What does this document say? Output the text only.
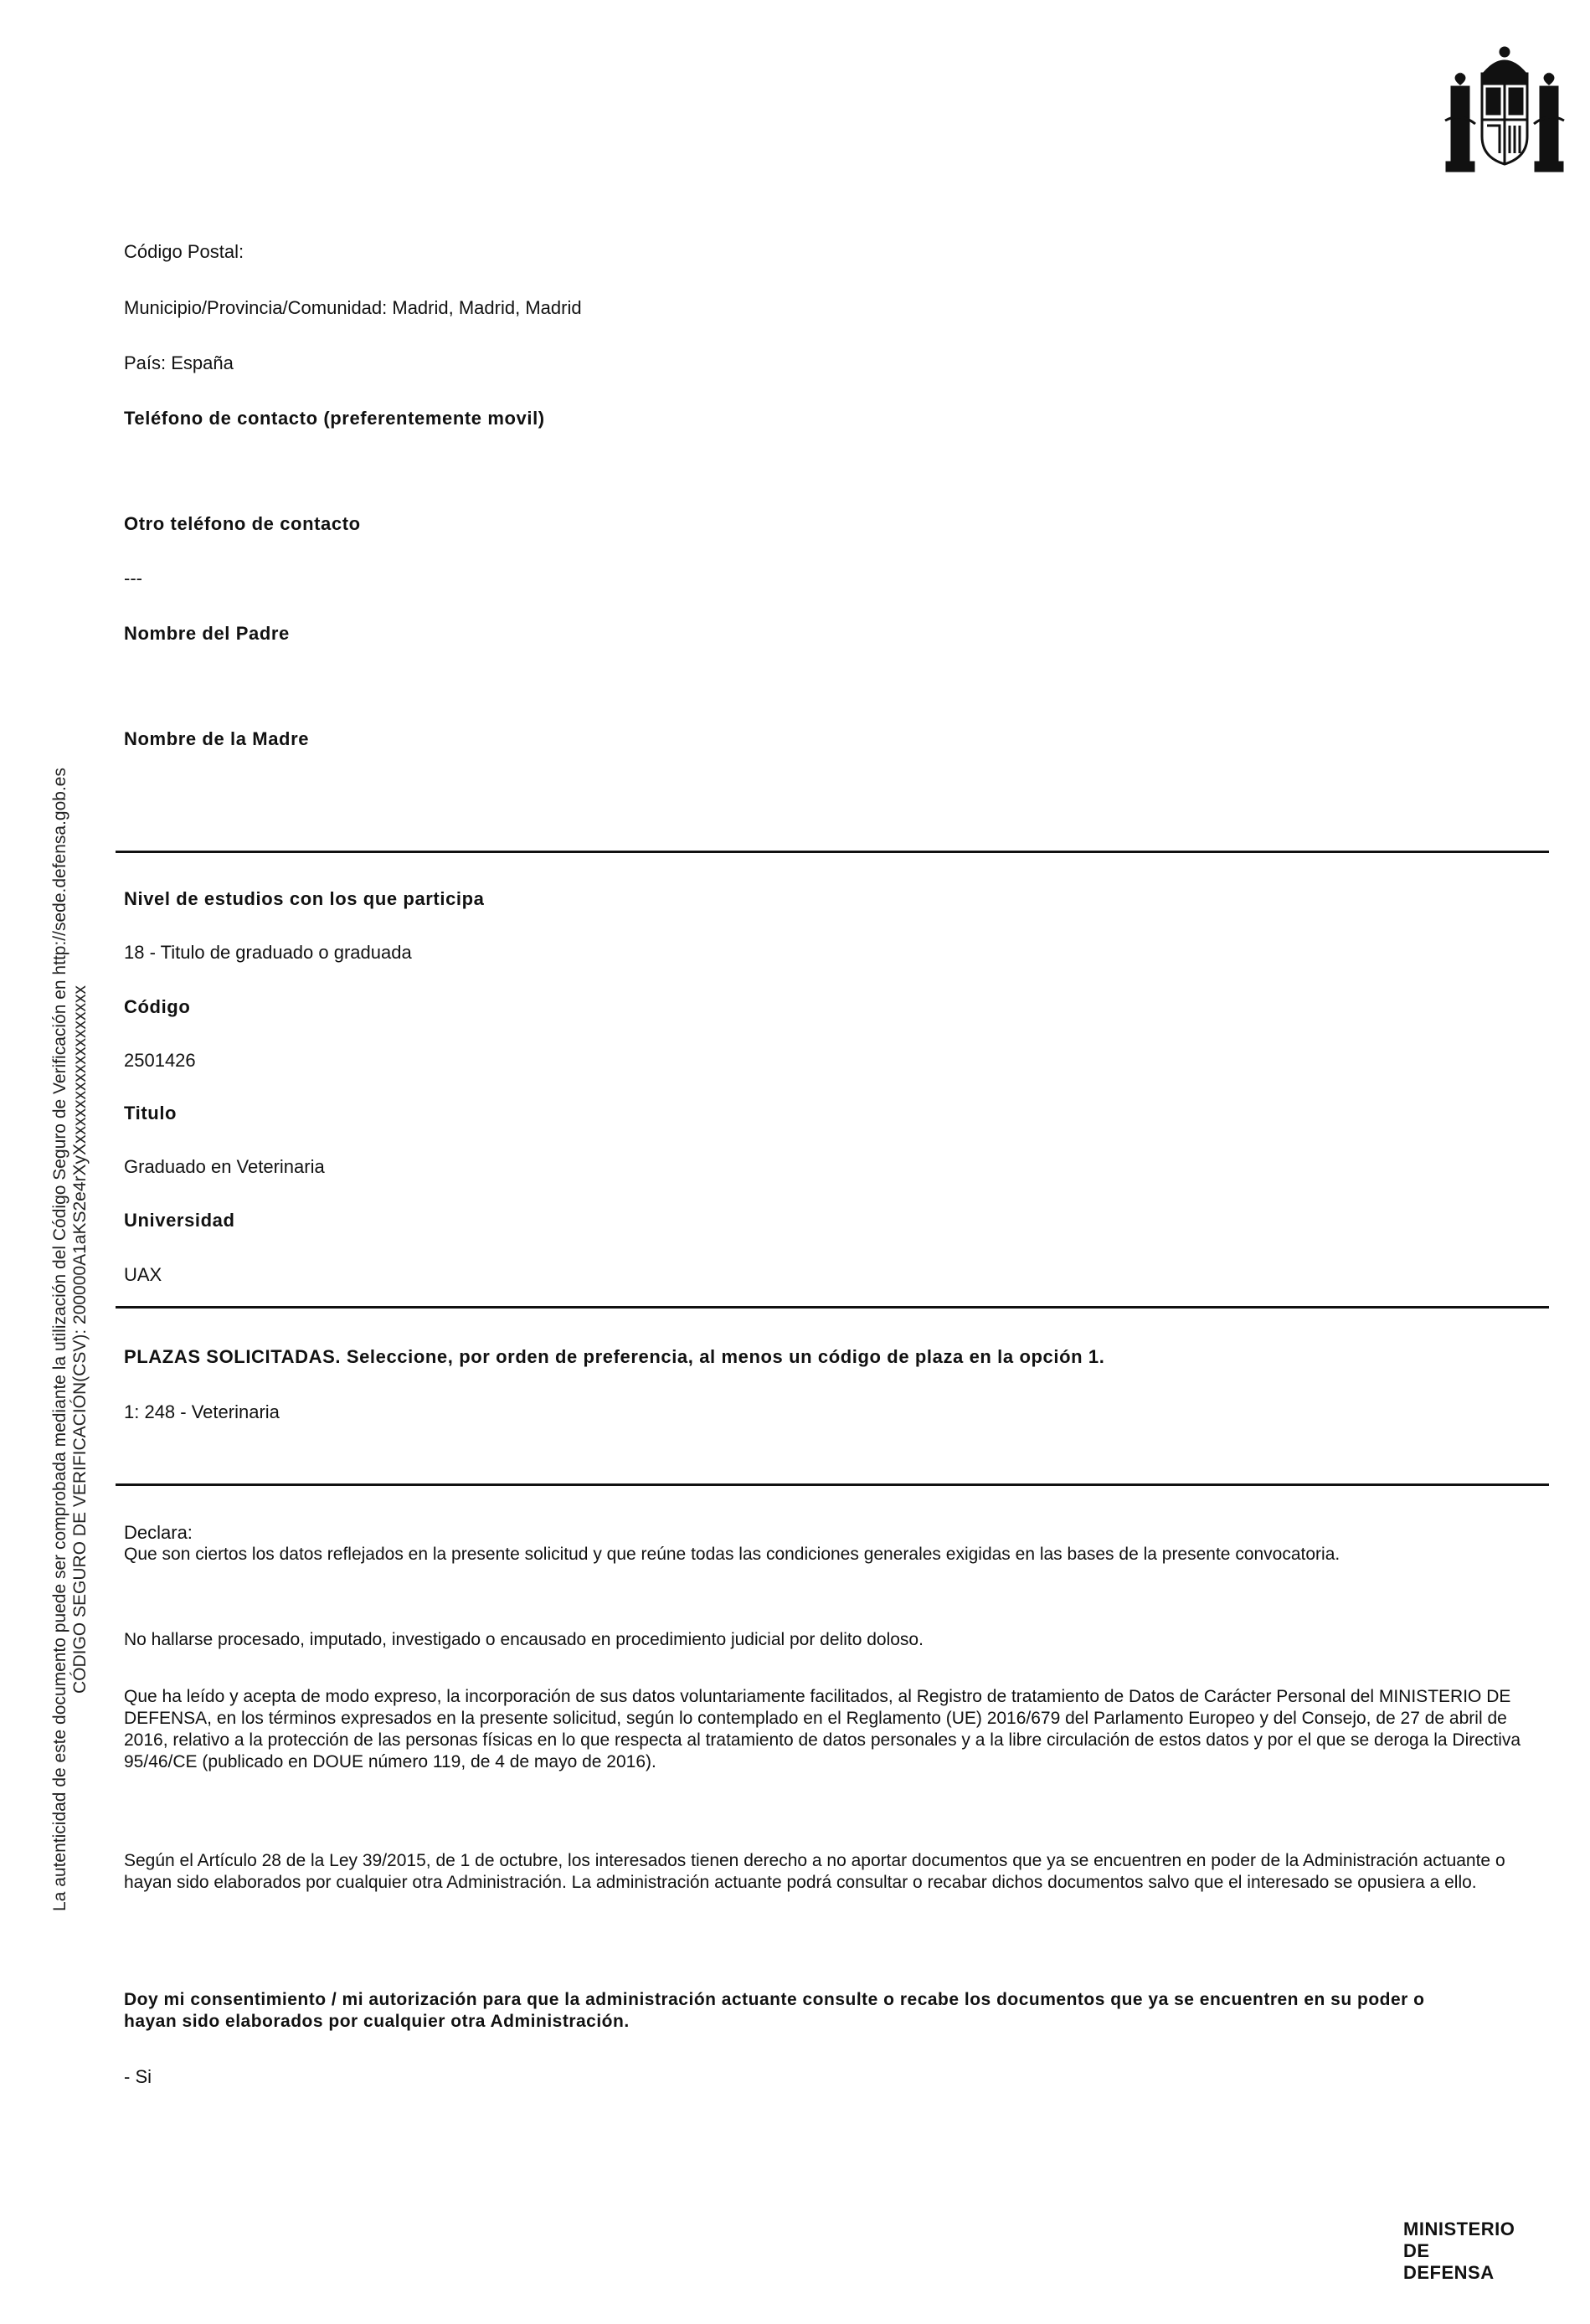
La autenticidad de este documento puede ser comprobada mediante la utilización del Código Seguro de Verificación en http://sede.defensa.gob.es CÓDIGO SEGURO DE VERIFICACIÓN(CSV): 200000A1aKS2e4rXyXxxxxxxxxxxxxxxxxxx
Código Postal:
Municipio/Provincia/Comunidad: Madrid, Madrid, Madrid
País: España
Teléfono de contacto (preferentemente movil)
Otro teléfono de contacto
---
Nombre del Padre
Nombre de la Madre
Nivel de estudios con los que participa
18 - Titulo de graduado o graduada
Código
2501426
Titulo
Graduado en Veterinaria
Universidad
UAX
PLAZAS SOLICITADAS. Seleccione, por orden de preferencia, al menos un código de plaza en la opción 1.
1: 248 - Veterinaria
Declara:
Que son ciertos los datos reflejados en la presente solicitud y que reúne todas las condiciones generales exigidas en las bases de la presente convocatoria.
No hallarse procesado, imputado, investigado o encausado en procedimiento judicial por delito doloso.
Que ha leído y acepta de modo expreso, la incorporación de sus datos voluntariamente facilitados, al Registro de tratamiento de Datos de Carácter Personal del MINISTERIO DE DEFENSA, en los términos expresados en la presente solicitud, según lo contemplado en el Reglamento (UE) 2016/679 del Parlamento Europeo y del Consejo, de 27 de abril de 2016, relativo a la protección de las personas físicas en lo que respecta al tratamiento de datos personales y a la libre circulación de estos datos y por el que se deroga la Directiva 95/46/CE (publicado en DOUE número 119, de 4 de mayo de 2016).
Según el Artículo 28 de la Ley 39/2015, de 1 de octubre, los interesados tienen derecho a no aportar documentos que ya se encuentren en poder de la Administración actuante o hayan sido elaborados por cualquier otra Administración. La administración actuante podrá consultar o recabar dichos documentos salvo que el interesado se opusiera a ello.
Doy mi consentimiento / mi autorización para que la administración actuante consulte o recabe los documentos que ya se encuentren en su poder o hayan sido elaborados por cualquier otra Administración.
- Si
MINISTERIO
DE
DEFENSA
